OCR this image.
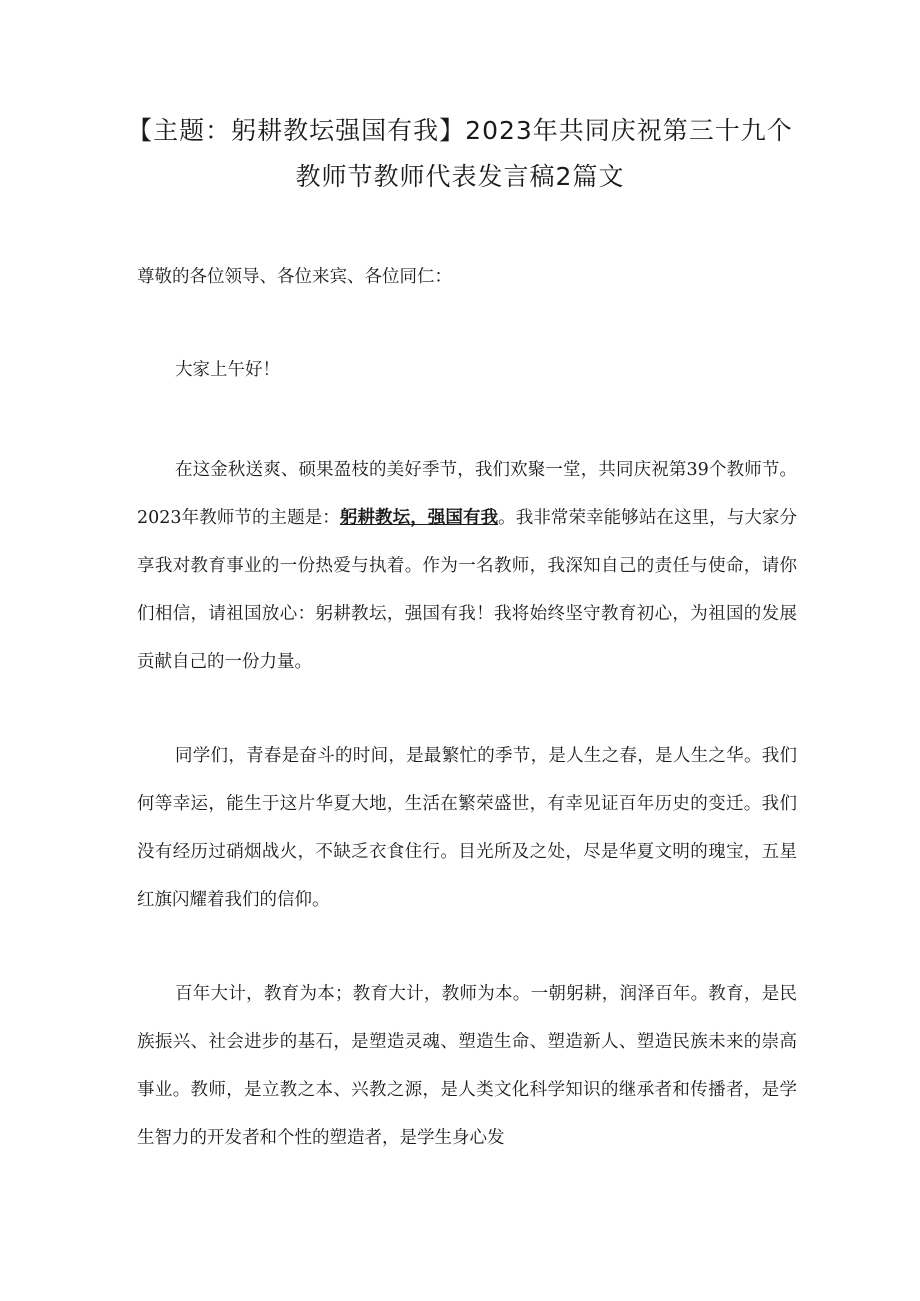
【主题：躬耕教坛强国有我】2023年共同庆祝第三十九个教师节教师代表发言稿2篇文

尊敬的各位领导、各位来宾、各位同仁：

大家上午好！

在这金秋送爽、硕果盈枝的美好季节，我们欢聚一堂，共同庆祝第39个教师节。2023年教师节的主题是：躬耕教坛，强国有我。我非常荣幸能够站在这里，与大家分享我对教育事业的一份热爱与执着。作为一名教师，我深知自己的责任与使命，请你们相信，请祖国放心：躬耕教坛，强国有我！我将始终坚守教育初心，为祖国的发展贡献自己的一份力量。

同学们，青春是奋斗的时间，是最繁忙的季节，是人生之春，是人生之华。我们何等幸运，能生于这片华夏大地，生活在繁荣盛世，有幸见证百年历史的变迁。我们没有经历过硝烟战火，不缺乏衣食住行。目光所及之处，尽是华夏文明的瑰宝，五星红旗闪耀着我们的信仰。

百年大计，教育为本；教育大计，教师为本。一朝躬耕，润泽百年。教育，是民族振兴、社会进步的基石，是塑造灵魂、塑造生命、塑造新人、塑造民族未来的崇高事业。教师，是立教之本、兴教之源，是人类文化科学知识的继承者和传播者，是学生智力的开发者和个性的塑造者，是学生身心发
